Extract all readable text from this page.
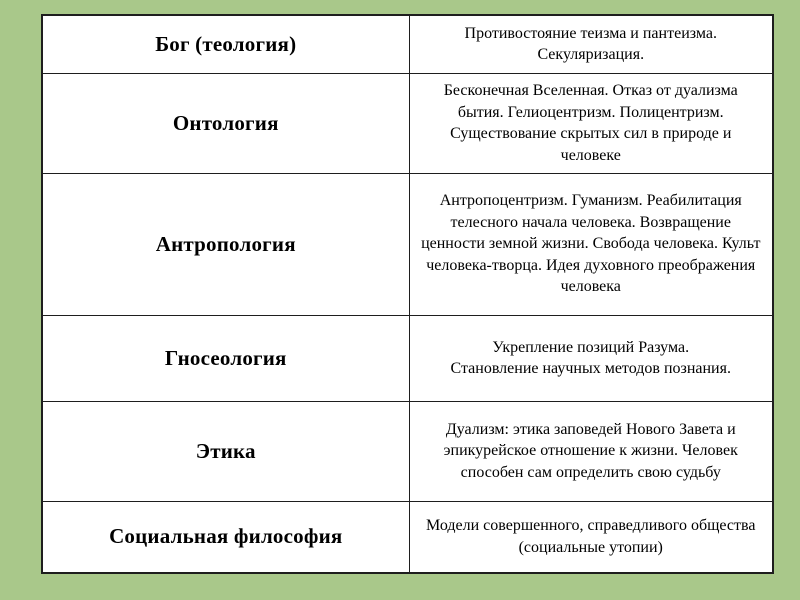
Бог (теология)	Противостояние теизма и пантеизма. Секуляризация.
Онтология	Бесконечная Вселенная. Отказ от дуализма бытия. Гелиоцентризм. Полицентризм. Существование скрытых сил в природе и человеке
Антропология	Антропоцентризм. Гуманизм. Реабилитация телесного начала человека. Возвращение ценности земной жизни. Свобода человека. Культ человека-творца. Идея духовного преображения человека
Гносеология	Укрепление позиций Разума. Становление научных методов познания.
Этика	Дуализм: этика заповедей Нового Завета и эпикурейское отношение к жизни. Человек способен сам определить свою судьбу
Социальная философия	Модели совершенного, справедливого общества (социальные утопии)
